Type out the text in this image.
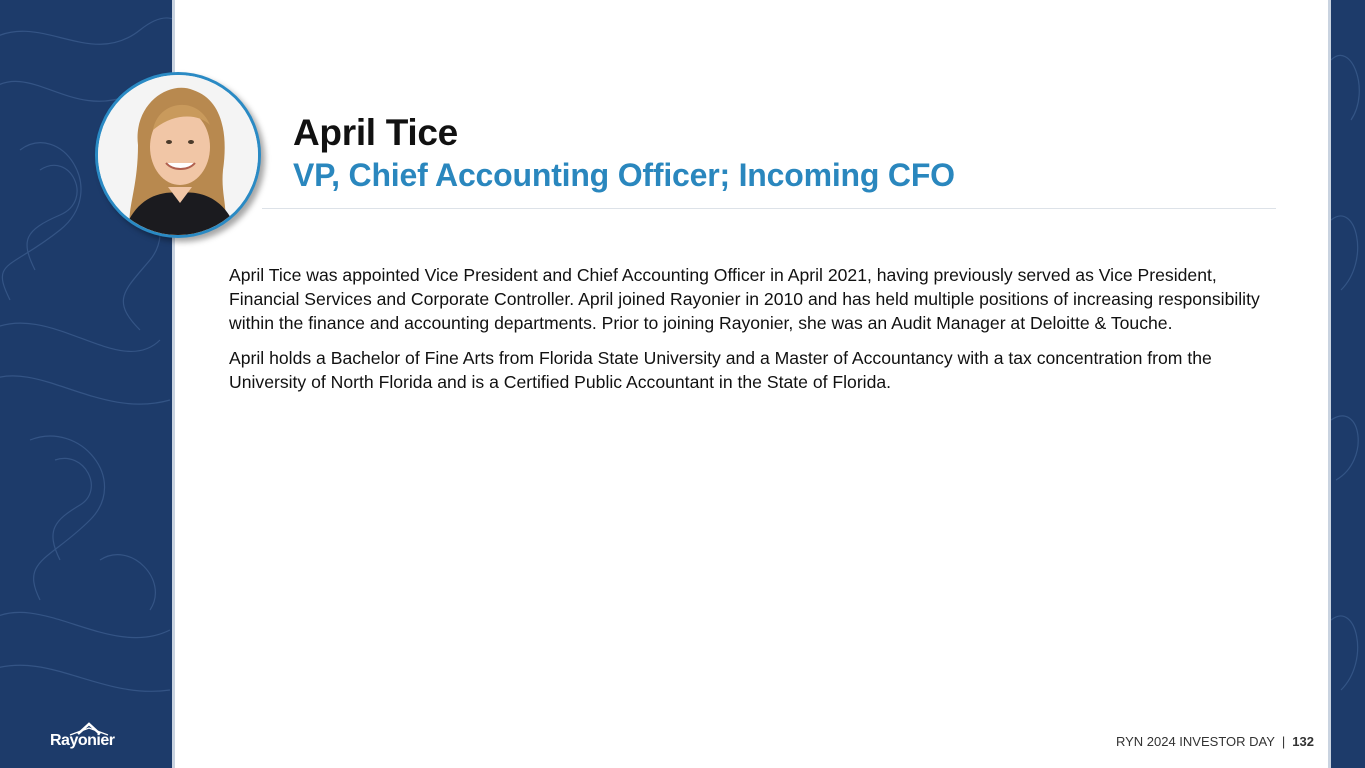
Rayonier
April Tice
VP, Chief Accounting Officer; Incoming CFO

April Tice was appointed Vice President and Chief Accounting Officer in April 2021, having previously served as Vice President, Financial Services and Corporate Controller. April joined Rayonier in 2010 and has held multiple positions of increasing responsibility within the finance and accounting departments. Prior to joining Rayonier, she was an Audit Manager at Deloitte & Touche.

April holds a Bachelor of Fine Arts from Florida State University and a Master of Accountancy with a tax concentration from the University of North Florida and is a Certified Public Accountant in the State of Florida.

RYN 2024 INVESTOR DAY | 132
